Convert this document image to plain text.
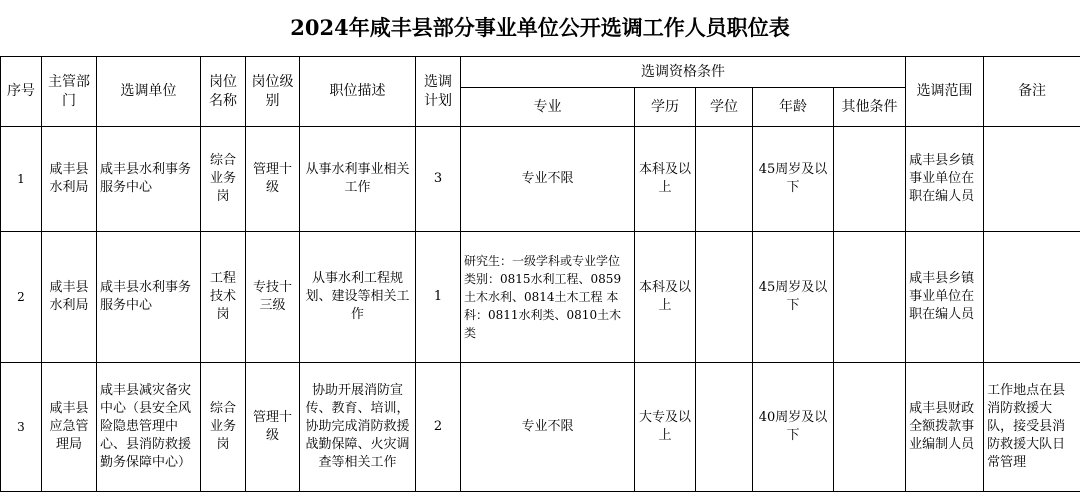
2024年咸丰县部分事业单位公开选调工作人员职位表
序号	主管部门	选调单位	岗位名称	岗位级别	职位描述	选调计划	选调资格条件					选调范围	备注
							专业	学历	学位	年龄	其他条件		
1	咸丰县水利局	咸丰县水利事务服务中心	综合业务岗	管理十级	从事水利事业相关工作	3	专业不限	本科及以上		45周岁及以下		咸丰县乡镇事业单位在职在编人员	
2	咸丰县水利局	咸丰县水利事务服务中心	工程技术岗	专技十三级	从事水利工程规划、建设等相关工作	1	研究生：一级学科或专业学位类别：0815水利工程、0859土木水利、0814土木工程 本科：0811水利类、0810土木类	本科及以上		45周岁及以下		咸丰县乡镇事业单位在职在编人员	
3	咸丰县应急管理局	咸丰县减灾备灾中心（县安全风险隐患管理中心、县消防救援勤务保障中心）	综合业务岗	管理十级	协助开展消防宣传、教育、培训，协助完成消防救援战勤保障、火灾调查等相关工作	2	专业不限	大专及以上		40周岁及以下		咸丰县财政全额拨款事业编制人员	工作地点在县消防救援大队，接受县消防救援大队日常管理
